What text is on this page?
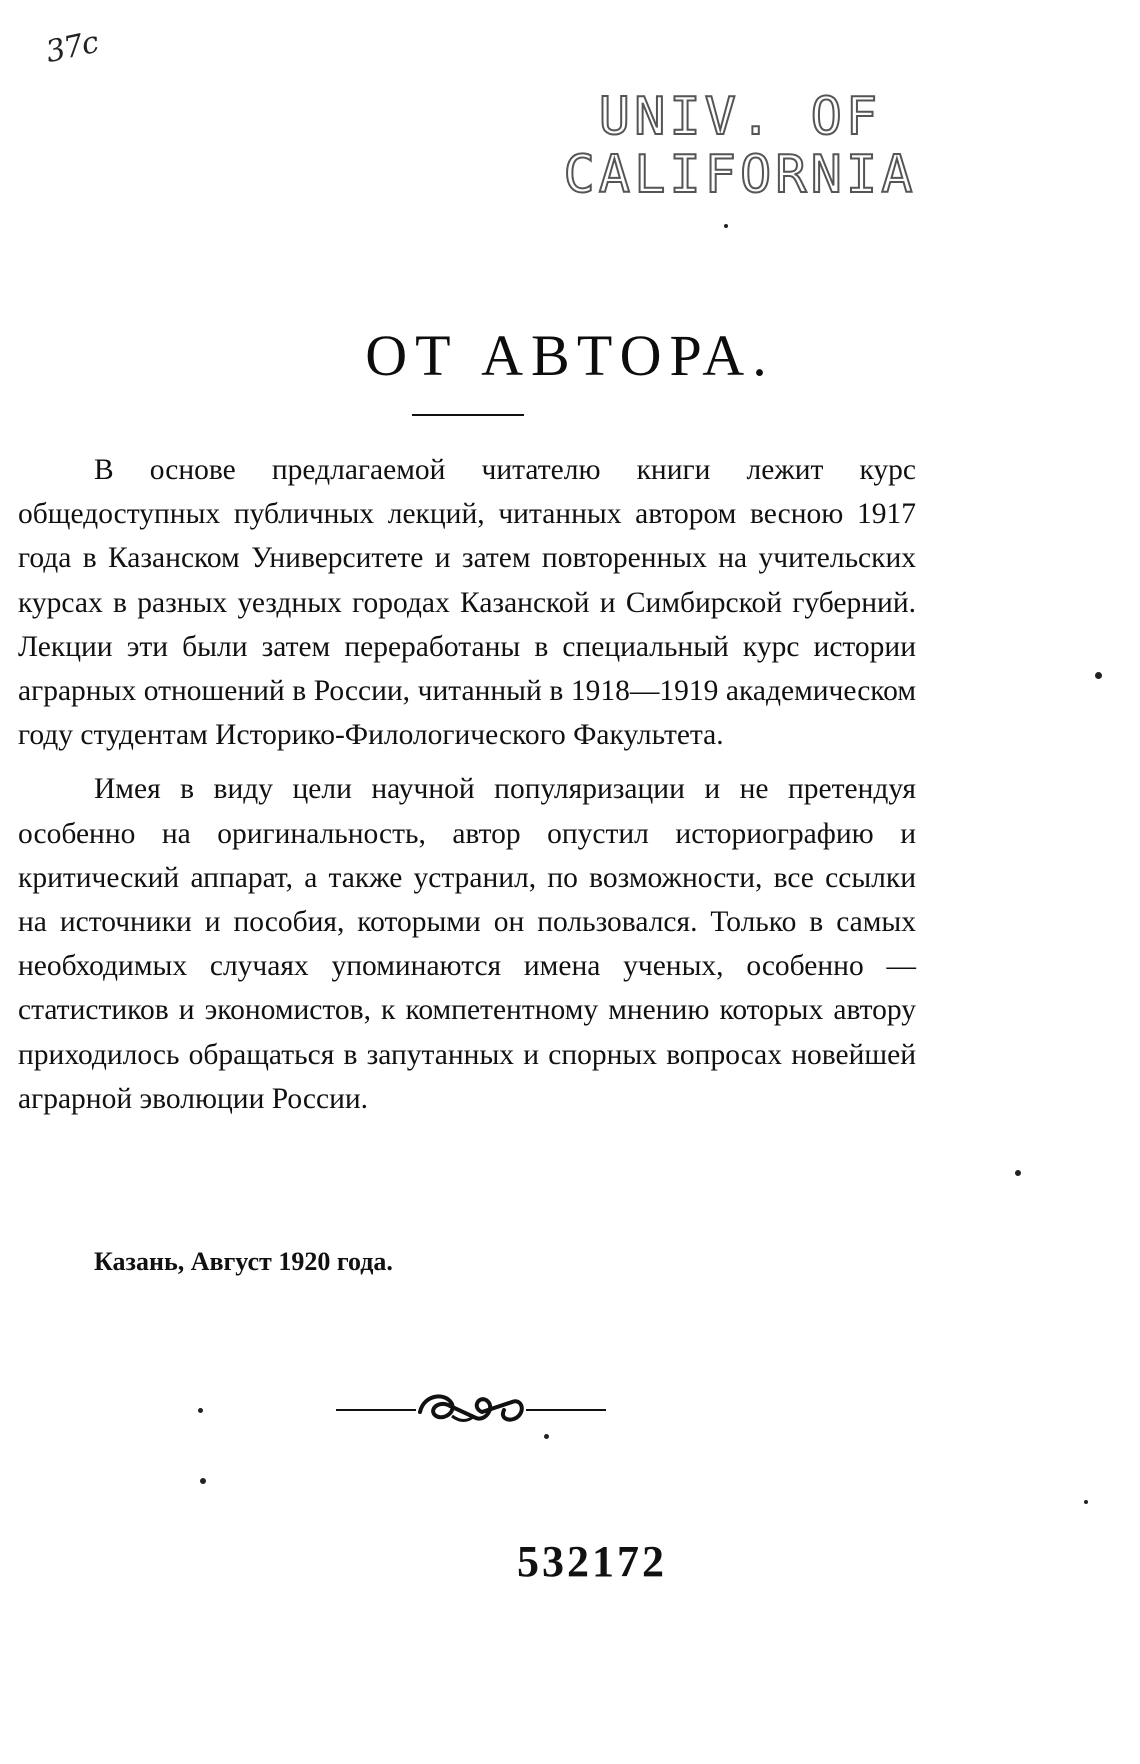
37c
UNIV. OF
CALIFORNIA
ОТ АВТОРА.

В основе предлагаемой читателю книги лежит курс общедоступных публичных лекций, читанных автором весною 1917 года в Казанском Университете и затем повторенных на учительских курсах в разных уездных городах Казанской и Симбирской губерний. Лекции эти были затем переработаны в специальный курс истории аграрных отношений в России, читанный в 1918—1919 академическом году студентам Историко-Филологического Факультета.

Имея в виду цели научной популяризации и не претендуя особенно на оригинальность, автор опустил историографию и критический аппарат, а также устранил, по возможности, все ссылки на источники и пособия, которыми он пользовался. Только в самых необходимых случаях упоминаются имена ученых, особенно — статистиков и экономистов, к компетентному мнению которых автору приходилось обращаться в запутанных и спорных вопросах новейшей аграрной эволюции России.

Казань, Август 1920 года.
532172
